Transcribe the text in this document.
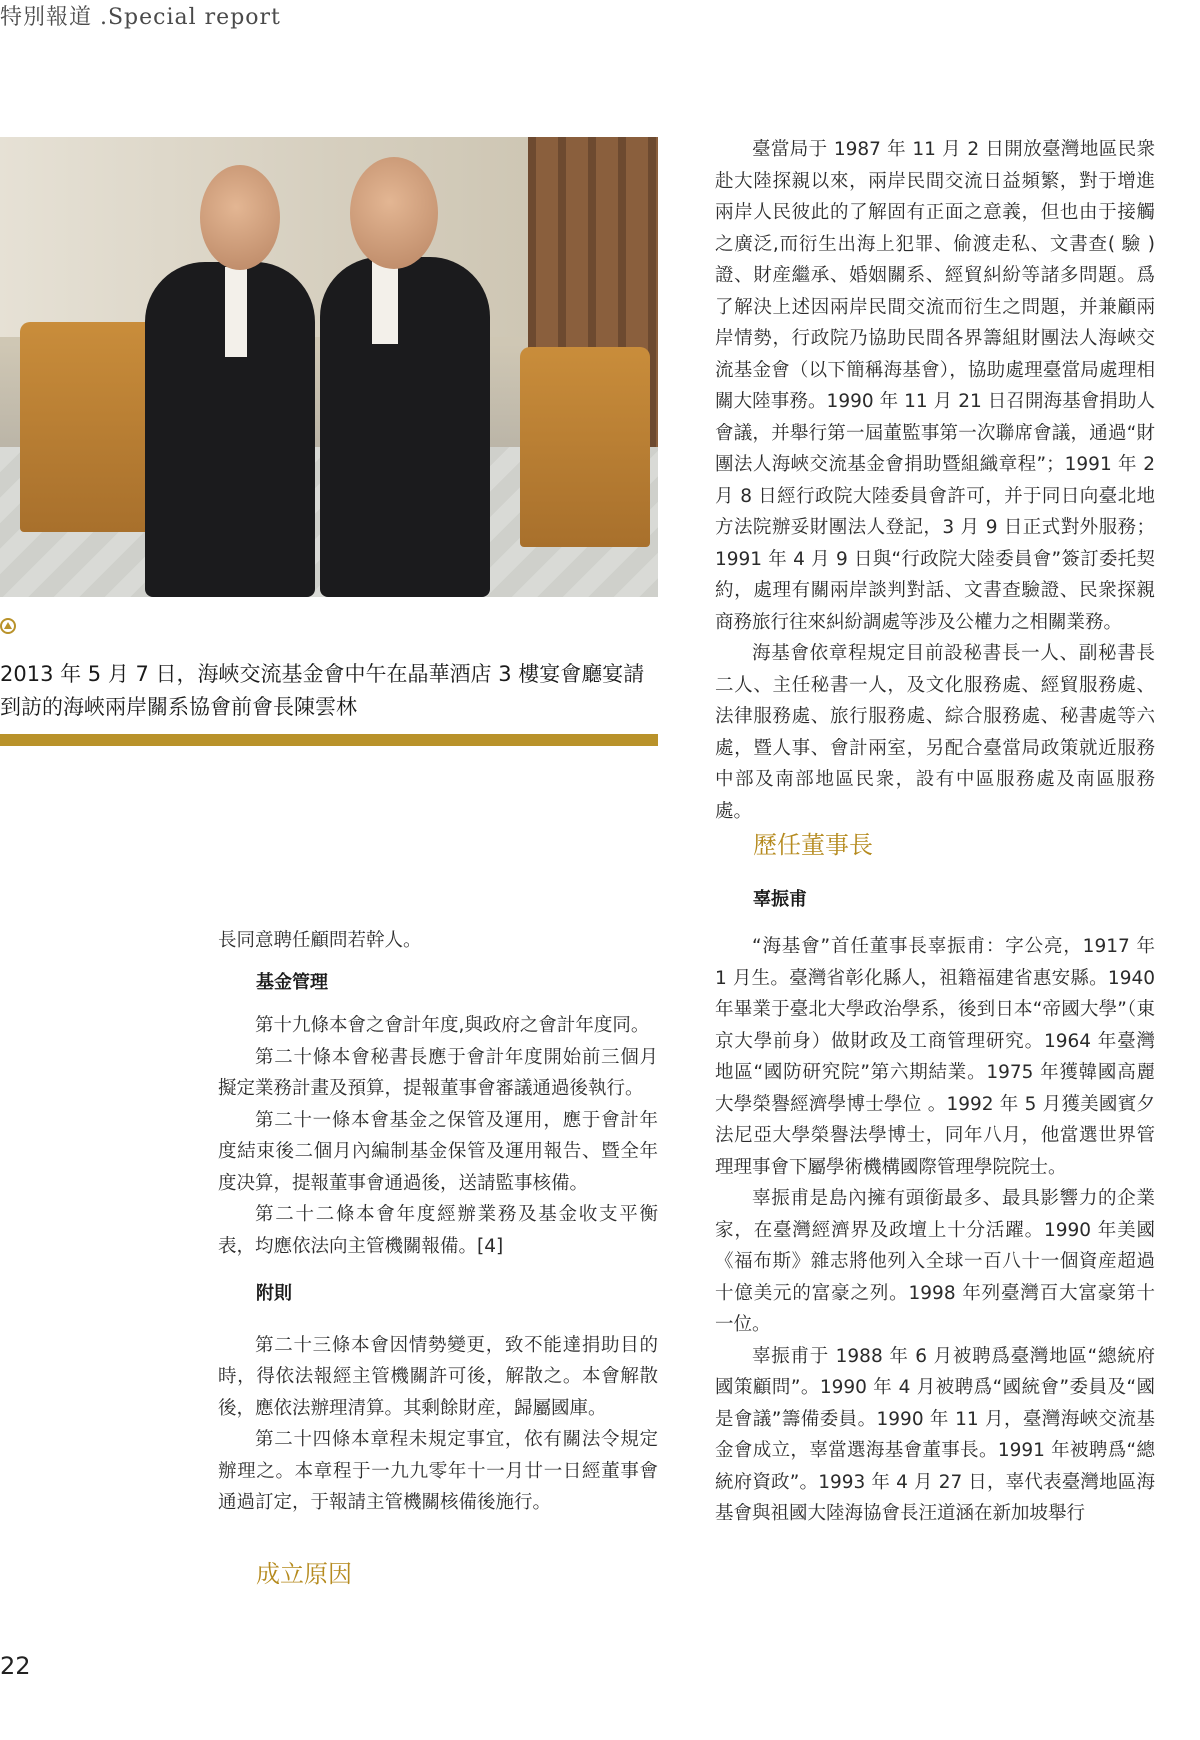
特別報道 .Special report
2013 年 5 月 7 日，海峽交流基金會中午在晶華酒店 3 樓宴會廳宴請到訪的海峽兩岸關系協會前會長陳雲林

臺當局于 1987 年 11 月 2 日開放臺灣地區民衆赴大陸探親以來，兩岸民間交流日益頻繁，對于增進兩岸人民彼此的了解固有正面之意義，但也由于接觸之廣泛,而衍生出海上犯罪、偷渡走私、文書查( 驗 )證、財産繼承、婚姻關系、經貿糾紛等諸多問題。爲了解決上述因兩岸民間交流而衍生之問題，并兼顧兩岸情勢，行政院乃協助民間各界籌組財團法人海峽交流基金會（以下簡稱海基會），協助處理臺當局處理相關大陸事務。1990 年 11 月 21 日召開海基會捐助人會議，并舉行第一屆董監事第一次聯席會議，通過“財團法人海峽交流基金會捐助暨組織章程”；1991 年 2 月 8 日經行政院大陸委員會許可，并于同日向臺北地方法院辦妥財團法人登記，3 月 9 日正式對外服務；1991 年 4 月 9 日與“行政院大陸委員會”簽訂委托契約，處理有關兩岸談判對話、文書查驗證、民衆探親商務旅行往來糾紛調處等涉及公權力之相關業務。

海基會依章程規定目前設秘書長一人、副秘書長二人、主任秘書一人，及文化服務處、經貿服務處、法律服務處、旅行服務處、綜合服務處、秘書處等六處，暨人事、會計兩室，另配合臺當局政策就近服務中部及南部地區民衆，設有中區服務處及南區服務處。

歷任董事長
辜振甫

“海基會”首任董事長辜振甫：字公亮，1917 年 1 月生。臺灣省彰化縣人，祖籍福建省惠安縣。1940 年畢業于臺北大學政治學系，後到日本“帝國大學”（東京大學前身）做財政及工商管理研究。1964 年臺灣地區“國防研究院”第六期結業。1975 年獲韓國高麗大學榮譽經濟學博士學位 。1992 年 5 月獲美國賓夕法尼亞大學榮譽法學博士，同年八月，他當選世界管理理事會下屬學術機構國際管理學院院士。

辜振甫是島內擁有頭銜最多、最具影響力的企業家，在臺灣經濟界及政壇上十分活躍。1990 年美國《福布斯》雜志將他列入全球一百八十一個資産超過十億美元的富豪之列。1998 年列臺灣百大富豪第十一位。

辜振甫于 1988 年 6 月被聘爲臺灣地區“總統府國策顧問”。1990 年 4 月被聘爲“國統會”委員及“國是會議”籌備委員。1990 年 11 月，臺灣海峽交流基金會成立，辜當選海基會董事長。1991 年被聘爲“總統府資政”。1993 年 4 月 27 日，辜代表臺灣地區海基會與祖國大陸海協會長汪道涵在新加坡舉行

長同意聘任顧問若幹人。

基金管理

第十九條本會之會計年度,與政府之會計年度同。

第二十條本會秘書長應于會計年度開始前三個月擬定業務計畫及預算，提報董事會審議通過後執行。

第二十一條本會基金之保管及運用，應于會計年度結束後二個月內編制基金保管及運用報告、暨全年度决算，提報董事會通過後，送請監事核備。

第二十二條本會年度經辦業務及基金收支平衡表，均應依法向主管機關報備。[4]

附則

第二十三條本會因情勢變更，致不能達捐助目的時，得依法報經主管機關許可後，解散之。本會解散後，應依法辦理清算。其剩餘財産，歸屬國庫。

第二十四條本章程未規定事宜，依有關法令規定辦理之。本章程于一九九零年十一月廿一日經董事會通過訂定，于報請主管機關核備後施行。

成立原因
22
